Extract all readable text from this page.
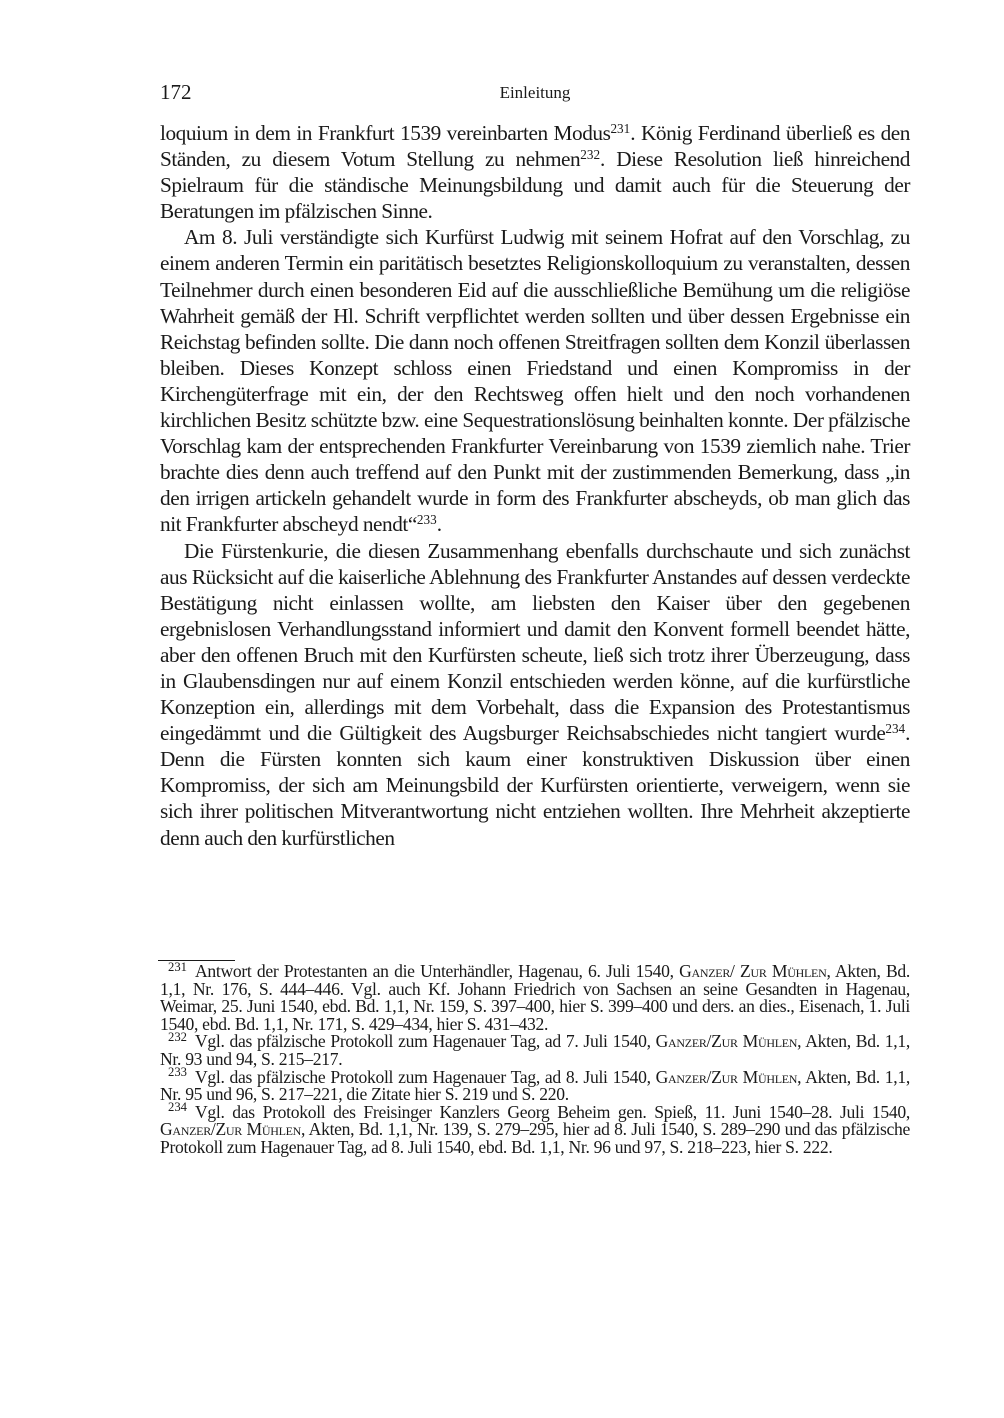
172	Einleitung

loquium in dem in Frankfurt 1539 vereinbarten Modus$^{231}$. König Ferdinand überließ es den Ständen, zu diesem Votum Stellung zu nehmen$^{232}$. Diese Resolution ließ hinreichend Spielraum für die ständische Meinungsbildung und damit auch für die Steuerung der Beratungen im pfälzischen Sinne.

Am 8. Juli verständigte sich Kurfürst Ludwig mit seinem Hofrat auf den Vorschlag, zu einem anderen Termin ein paritätisch besetztes Religionskolloquium zu veranstalten, dessen Teilnehmer durch einen besonderen Eid auf die ausschließliche Bemühung um die religiöse Wahrheit gemäß der Hl. Schrift verpflichtet werden sollten und über dessen Ergebnisse ein Reichstag befinden sollte. Die dann noch offenen Streitfragen sollten dem Konzil überlassen bleiben. Dieses Konzept schloss einen Friedstand und einen Kompromiss in der Kirchengüterfrage mit ein, der den Rechtsweg offen hielt und den noch vorhandenen kirchlichen Besitz schützte bzw. eine Sequestrationslösung beinhalten konnte. Der pfälzische Vorschlag kam der entsprechenden Frankfurter Vereinbarung von 1539 ziemlich nahe. Trier brachte dies denn auch treffend auf den Punkt mit der zustimmenden Bemerkung, dass „in den irrigen artickeln gehandelt wurde in form des Frankfurter abscheyds, ob man glich das nit Frankfurter abscheyd nendt“$^{233}$.

Die Fürstenkurie, die diesen Zusammenhang ebenfalls durchschaute und sich zunächst aus Rücksicht auf die kaiserliche Ablehnung des Frankfurter Anstandes auf dessen verdeckte Bestätigung nicht einlassen wollte, am liebsten den Kaiser über den gegebenen ergebnislosen Verhandlungsstand informiert und damit den Konvent formell beendet hätte, aber den offenen Bruch mit den Kurfürsten scheute, ließ sich trotz ihrer Überzeugung, dass in Glaubensdingen nur auf einem Konzil entschieden werden könne, auf die kurfürstliche Konzeption ein, allerdings mit dem Vorbehalt, dass die Expansion des Protestantismus eingedämmt und die Gültigkeit des Augsburger Reichsabschiedes nicht tangiert wurde$^{234}$. Denn die Fürsten konnten sich kaum einer konstruktiven Diskussion über einen Kompromiss, der sich am Meinungsbild der Kurfürsten orientierte, verweigern, wenn sie sich ihrer politischen Mitverantwortung nicht entziehen wollten. Ihre Mehrheit akzeptierte denn auch den kurfürstlichen

$^{231}$ Antwort der Protestanten an die Unterhändler, Hagenau, 6. Juli 1540, Ganzer/ Zur Mühlen, Akten, Bd. 1,1, Nr. 176, S. 444–446. Vgl. auch Kf. Johann Friedrich von Sachsen an seine Gesandten in Hagenau, Weimar, 25. Juni 1540, ebd. Bd. 1,1, Nr. 159, S. 397–400, hier S. 399–400 und ders. an dies., Eisenach, 1. Juli 1540, ebd. Bd. 1,1, Nr. 171, S. 429–434, hier S. 431–432.

$^{232}$ Vgl. das pfälzische Protokoll zum Hagenauer Tag, ad 7. Juli 1540, Ganzer/Zur Mühlen, Akten, Bd. 1,1, Nr. 93 und 94, S. 215–217.

$^{233}$ Vgl. das pfälzische Protokoll zum Hagenauer Tag, ad 8. Juli 1540, Ganzer/Zur Mühlen, Akten, Bd. 1,1, Nr. 95 und 96, S. 217–221, die Zitate hier S. 219 und S. 220.

$^{234}$ Vgl. das Protokoll des Freisinger Kanzlers Georg Beheim gen. Spieß, 11. Juni 1540–28. Juli 1540, Ganzer/Zur Mühlen, Akten, Bd. 1,1, Nr. 139, S. 279–295, hier ad 8. Juli 1540, S. 289–290 und das pfälzische Protokoll zum Hagenauer Tag, ad 8. Juli 1540, ebd. Bd. 1,1, Nr. 96 und 97, S. 218–223, hier S. 222.
